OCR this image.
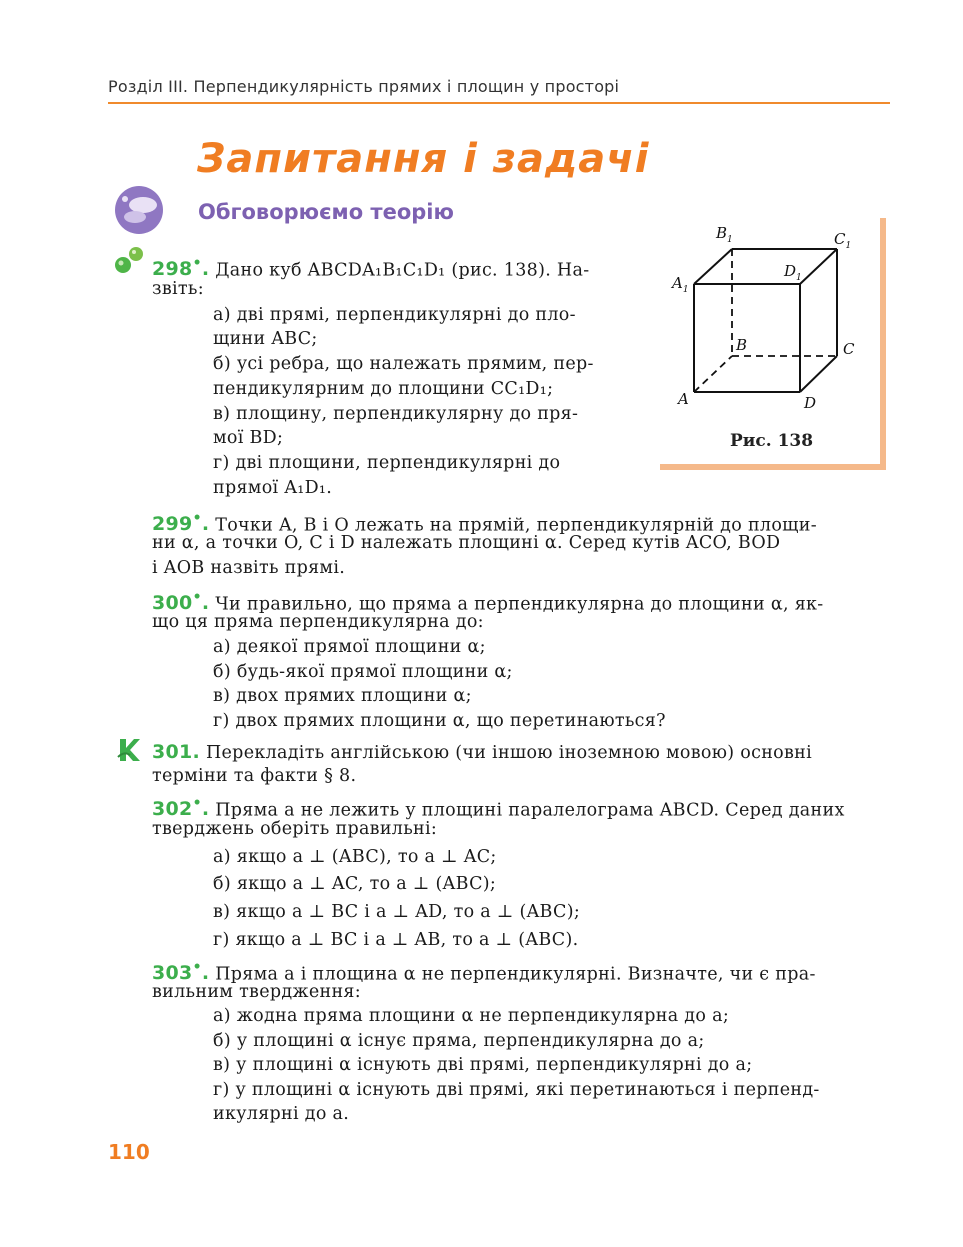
Розділ III. Перпендикулярність прямих і площин у просторі
Запитання і задачі
Обговорюємо теорію
$B_1$	$C_1$
$A_1$
$D_1$
B	C
A	D
Рис. 138
298•. Дано куб ABCDA₁B₁C₁D₁ (рис. 138). На-
звіть:
а) дві прямі, перпендикулярні до пло-
щини ABC;
б) усі ребра, що належать прямим, пер-
пендикулярним до площини CC₁D₁;
в) площину, перпендикулярну до пря-
мої BD;
г) дві площини, перпендикулярні до
прямої A₁D₁.
299•. Точки A, B і O лежать на прямій, перпендикулярній до площи-
ни α, а точки O, C і D належать площині α. Серед кутів ACO, BOD
і AOB назвіть прямі.
300•. Чи правильно, що пряма a перпендикулярна до площини α, як-
що ця пряма перпендикулярна до:
а) деякої прямої площини α;
б) будь-якої прямої площини α;
в) двох прямих площини α;
г) двох прямих площини α, що перетинаються?
301. Перекладіть англійською (чи іншою іноземною мовою) основні
терміни та факти § 8.
302•. Пряма a не лежить у площині паралелограма ABCD. Серед даних
тверджень оберіть правильні:
а) якщо a ⊥ (ABC), то a ⊥ AC;
б) якщо a ⊥ AC, то a ⊥ (ABC);
в) якщо a ⊥ BC і a ⊥ AD, то a ⊥ (ABC);
г) якщо a ⊥ BC і a ⊥ AB, то a ⊥ (ABC).
303•. Пряма a і площина α не перпендикулярні. Визначте, чи є пра-
вильним твердження:
а) жодна пряма площини α не перпендикулярна до a;
б) у площині α існує пряма, перпендикулярна до a;
в) у площині α існують дві прямі, перпендикулярні до a;
г) у площині α існують дві прямі, які перетинаються і перпенд-
икулярні до a.
110
